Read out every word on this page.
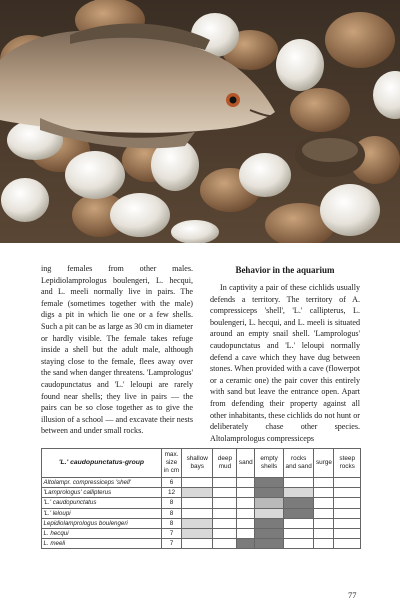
ing females from other males. Lepidiolamprologus boulengeri, L. hecqui, and L. meeli normally live in pairs. The female (sometimes together with the male) digs a pit in which lie one or a few shells. Such a pit can be as large as 30 cm in diameter or hardly visible. The female takes refuge inside a shell but the adult male, although staying close to the female, flees away over the sand when danger threatens. 'Lamprologus' caudopunctatus and 'L.' leloupi are rarely found near shells; they live in pairs — the pairs can be so close together as to give the illusion of a school — and excavate their nests between and under small rocks.

Behavior in the aquarium

In captivity a pair of these cichlids usually defends a territory. The territory of A. compressiceps 'shell', 'L.' callipterus, L. boulengeri, L. hecqui, and L. meeli is situated around an empty snail shell. 'Lamprologus' caudopunctatus and 'L.' leloupi normally defend a cave which they have dug between stones. When provided with a cave (flowerpot or a ceramic one) the pair cover this entirely with sand but leave the entrance open. Apart from defending their property against all other inhabitants, these cichlids do not hunt or deliberately chase other species. Altolamprologus compressiceps

'L.' caudopunctatus-group	max. size in cm	shallow bays	deep mud	sand	empty shells	rocks and sand	surge	steep rocks
Altolampr. compressiceps 'shell'	6							
'Lamprologus' callipterus	12							
'L.' caudopunctatus	8							
'L.' leloupi	8							
Lepidiolamprologus boulengeri	8							
L. hecqui	7							
L. meeli	7							
77
